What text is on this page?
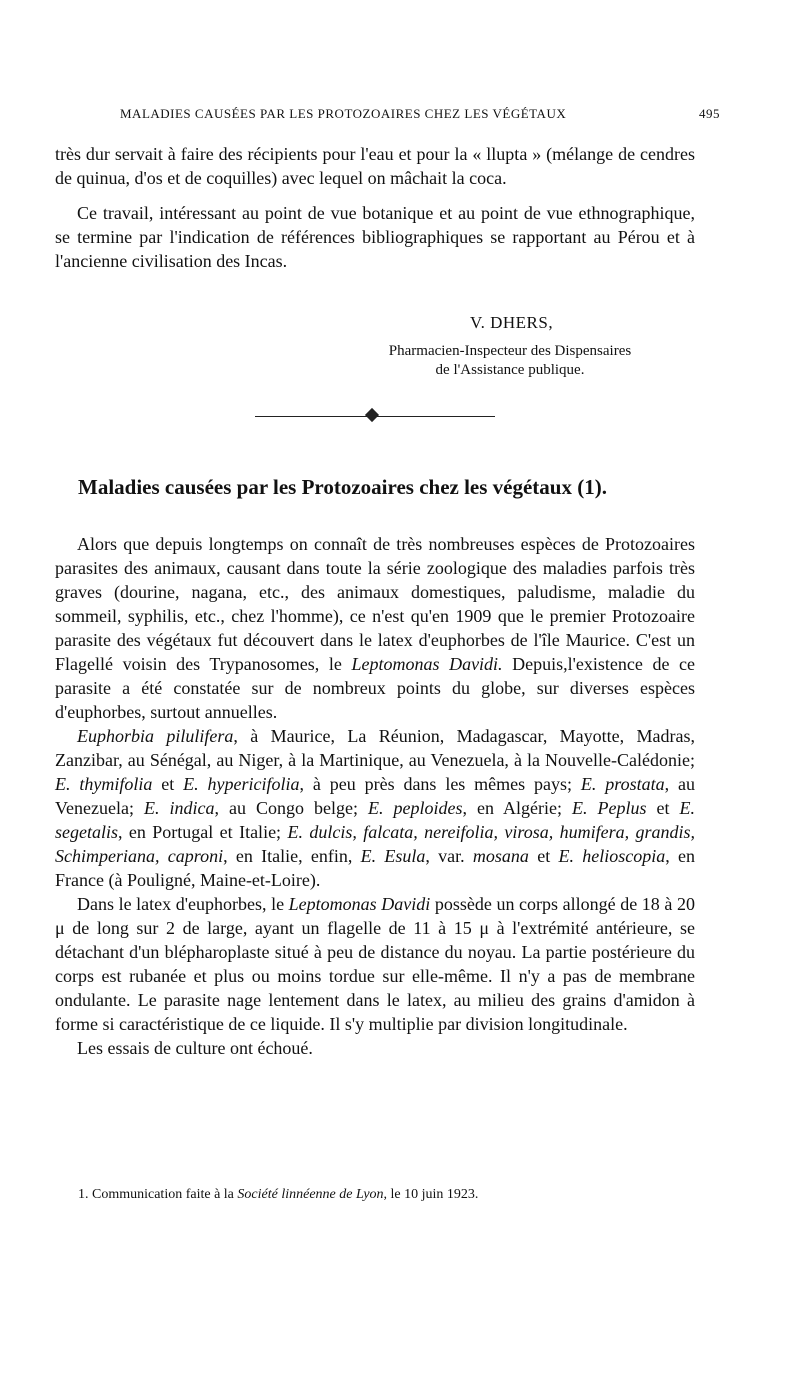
MALADIES CAUSÉES PAR LES PROTOZOAIRES CHEZ LES VÉGÉTAUX	495

très dur servait à faire des récipients pour l'eau et pour la « llupta » (mélange de cendres de quinua, d'os et de coquilles) avec lequel on mâchait la coca.

Ce travail, intéressant au point de vue botanique et au point de vue ethnographique, se termine par l'indication de références bibliographiques se rapportant au Pérou et à l'ancienne civilisation des Incas.

V. DHERS,
Pharmacien-Inspecteur des Dispensaires
de l'Assistance publique.
Maladies causées par les Protozoaires chez les végétaux (1).

Alors que depuis longtemps on connaît de très nombreuses espèces de Protozoaires parasites des animaux, causant dans toute la série zoologique des maladies parfois très graves (dourine, nagana, etc., des animaux domestiques, paludisme, maladie du sommeil, syphilis, etc., chez l'homme), ce n'est qu'en 1909 que le premier Protozoaire parasite des végétaux fut découvert dans le latex d'euphorbes de l'île Maurice. C'est un Flagellé voisin des Trypanosomes, le Leptomonas Davidi. Depuis,l'existence de ce parasite a été constatée sur de nombreux points du globe, sur diverses espèces d'euphorbes, surtout annuelles.

Euphorbia pilulifera, à Maurice, La Réunion, Madagascar, Mayotte, Madras, Zanzibar, au Sénégal, au Niger, à la Martinique, au Venezuela, à la Nouvelle-Calédonie; E. thymifolia et E. hypericifolia, à peu près dans les mêmes pays; E. prostata, au Venezuela; E. indica, au Congo belge; E. peploides, en Algérie; E. Peplus et E. segetalis, en Portugal et Italie; E. dulcis, falcata, nereifolia, virosa, humifera, grandis, Schimperiana, caproni, en Italie, enfin, E. Esula, var. mosana et E. helioscopia, en France (à Pouligné, Maine-et-Loire).

Dans le latex d'euphorbes, le Leptomonas Davidi possède un corps allongé de 18 à 20 μ de long sur 2 de large, ayant un flagelle de 11 à 15 μ à l'extrémité antérieure, se détachant d'un blépharoplaste situé à peu de distance du noyau. La partie postérieure du corps est rubanée et plus ou moins tordue sur elle-même. Il n'y a pas de membrane ondulante. Le parasite nage lentement dans le latex, au milieu des grains d'amidon à forme si caractéristique de ce liquide. Il s'y multiplie par division longitudinale.

Les essais de culture ont échoué.

1. Communication faite à la Société linnéenne de Lyon, le 10 juin 1923.
